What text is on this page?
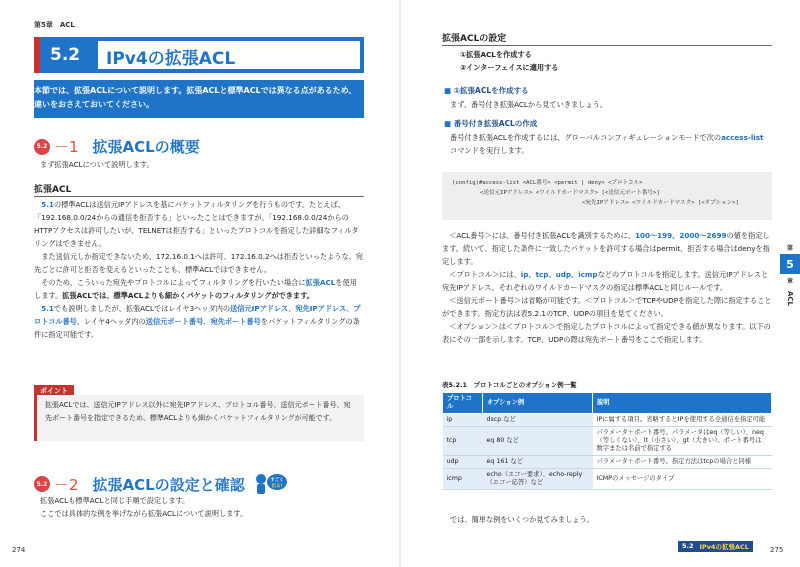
第5章　ACL
5.2 IPv4の拡張ACL
本節では、拡張ACLについて説明します。拡張ACLと標準ACLでは異なる点があるため、違いをおさえておいてください。
5.2 －1 拡張ACLの概要
まず拡張ACLについて説明します。
拡張ACL

5.1の標準ACLは送信元IPアドレスを基にパケットフィルタリングを行うものです。たとえば、「192.168.0.0/24からの通信を拒否する」といったことはできますが、「192.168.0.0/24からのHTTPアクセスは許可したいが、TELNETは拒否する」といったプロトコルを指定した詳細なフィルタリングはできません。

また送信元しか指定できないため、172.16.0.1へは許可、172.16.0.2へは拒否といったような、宛先ごとに許可と拒否を変えるといったことも、標準ACLではできません。

そのため、こういった宛先やプロトコルによってフィルタリングを行いたい場合に拡張ACLを使用します。拡張ACLでは、標準ACLよりも細かくパケットのフィルタリングができます。

5.1でも説明しましたが、拡張ACLではレイヤ3ヘッダ内の送信元IPアドレス、宛先IPアドレス、プロトコル番号、レイヤ4ヘッダ内の送信元ポート番号、宛先ポート番号をパケットフィルタリングの条件に指定可能です。

ポイント
拡張ACLでは、送信元IPアドレス以外に宛先IPアドレス、プロトコル番号、送信元ポート番号、宛先ポート番号を指定できるため、標準ACLよりも細かくパケットフィルタリングが可能です。
5.2 －2 拡張ACLの設定と確認	すごく
出る!
拡張ACLも標準ACLと同じ手順で設定します。
ここでは具体的な例を挙げながら拡張ACLについて説明します。
274
拡張ACLの設定
①拡張ACLを作成する
②インターフェイスに適用する
■ ①拡張ACLを作成する
まず、番号付き拡張ACLから見ていきましょう。
■ 番号付き拡張ACLの作成
番号付き拡張ACLを作成するには、グローバルコンフィギュレーションモードで次のaccess-listコマンドを実行します。
(config)#access-list <ACL番号> <permit | deny> <プロトコル>
<送信元IPアドレス> <ワイルドカードマスク> [<送信元ポート番号>]
<宛先IPアドレス> <ワイルドカードマスク> [<オプション>]

＜ACL番号＞には、番号付き拡張ACLを識別するために、100～199、2000～2699の値を指定します。続いて、指定した条件に一致したパケットを許可する場合はpermit、拒否する場合はdenyを指定します。

＜プロトコル＞には、ip、tcp、udp、icmpなどのプロトコルを指定します。送信元IPアドレスと宛先IPアドレス、それぞれのワイルドカードマスクの指定は標準ACLと同じルールです。

＜送信元ポート番号＞は省略が可能です。＜プロトコル＞でTCPやUDPを指定した際に指定することができます。指定方法は表5.2.1のTCP、UDPの項目を見てください。

＜オプション＞は＜プロトコル＞で指定したプロトコルによって指定できる値が異なります。以下の表にその一部を示します。TCP、UDPの際は宛先ポート番号をここで指定します。

表5.2.1　プロトコルごとのオプション例一覧
プロトコル	オプション例	説明
ip	dscp など	IPに属する項目。省略するとIPを使用する全通信を指定可能
tcp	eq 80 など	パラメータ＋ポート番号。パラメータはeq（等しい）、neq（等しくない）、lt（小さい）、gt（大きい）。ポート番号は数字または名前で指定する
udp	eq 161 など	パラメータ＋ポート番号。指定方法はtcpの場合と同様
icmp	echo（エコー要求）、echo-reply（エコー応答）など	ICMPのメッセージのタイプ
では、簡単な例をいくつか見てみましょう。
第
5
章
ACL
5.2 IPv4の拡張ACL	275
